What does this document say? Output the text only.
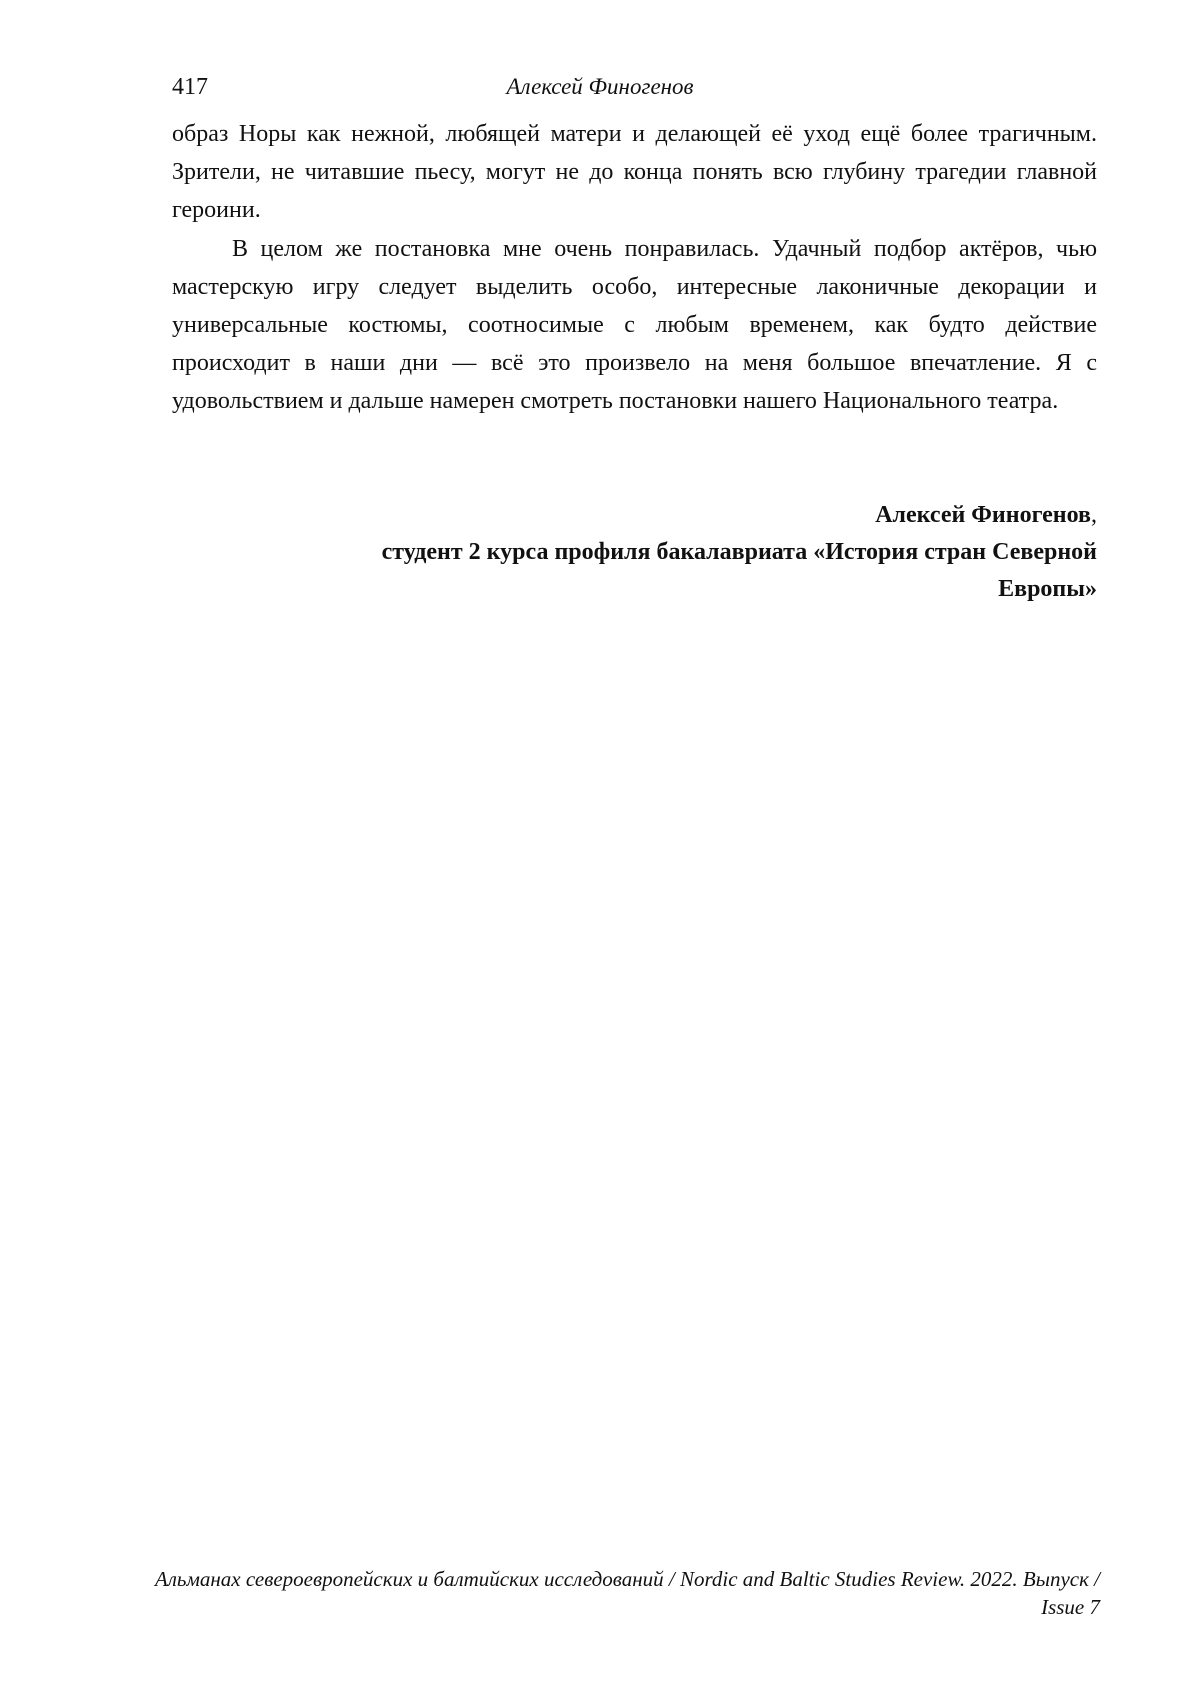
417	Алексей Финогенов

образ Норы как нежной, любящей матери и делающей её уход ещё более трагичным. Зрители, не читавшие пьесу, могут не до конца понять всю глубину трагедии главной героини.

В целом же постановка мне очень понравилась. Удачный подбор актёров, чью мастерскую игру следует выделить особо, интересные лаконичные декорации и универсальные костюмы, соотносимые с любым временем, как будто действие происходит в наши дни — всё это произвело на меня большое впечатление. Я с удовольствием и дальше намерен смотреть постановки нашего Национального театра.

Алексей Финогенов,
студент 2 курса профиля бакалавриата «История стран Северной Европы»
Альманах североевропейских и балтийских исследований / Nordic and Baltic Studies Review. 2022. Выпуск / Issue 7
